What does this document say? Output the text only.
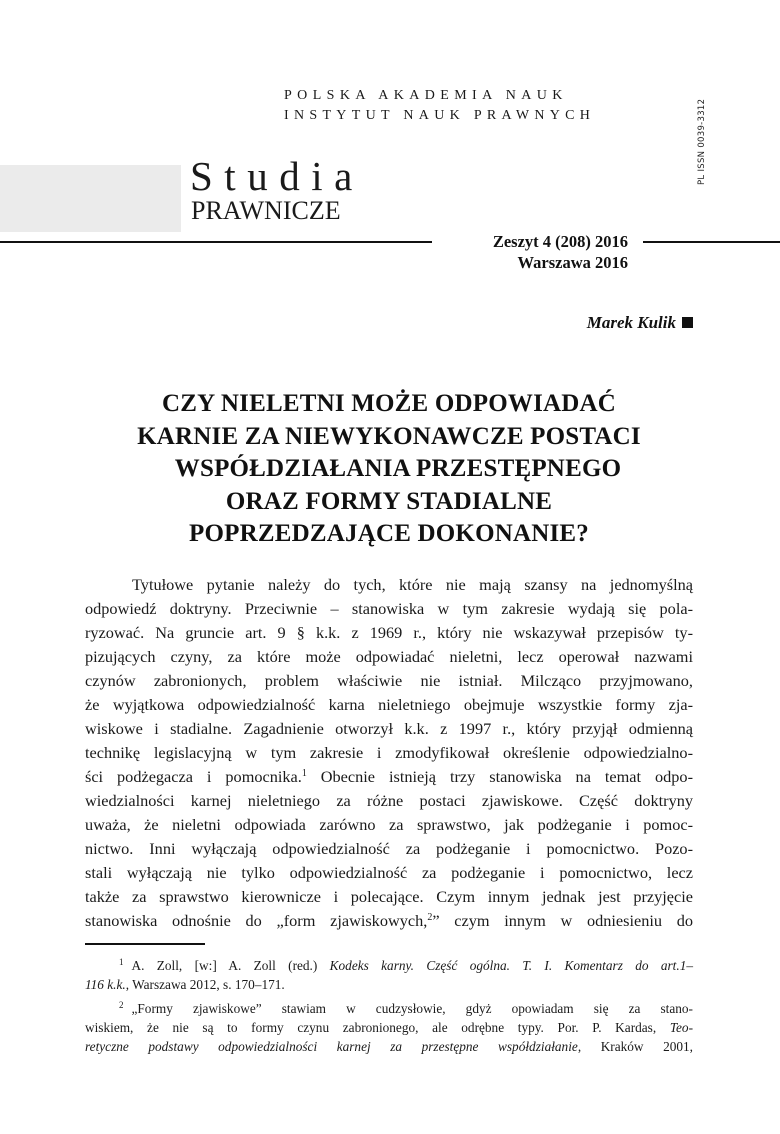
POLSKA AKADEMIA NAUK
INSTYTUT NAUK PRAWNYCH	PL ISSN 0039-3312
Studia
PRAWNICZE
Zeszyt 4 (208) 2016
Warszawa 2016
Marek Kulik
CZY NIELETNI MOŻE ODPOWIADAĆ
KARNIE ZA NIEWYKONAWCZE POSTACI
WSPÓŁDZIAŁANIA PRZESTĘPNEGO
ORAZ FORMY STADIALNE
POPRZEDZAJĄCE DOKONANIE?
Tytułowe pytanie należy do tych, które nie mają szansy na jednomyślną
odpowiedź doktryny. Przeciwnie – stanowiska w tym zakresie wydają się pola-
ryzować. Na gruncie art. 9 § k.k. z 1969 r., który nie wskazywał przepisów ty-
pizujących czyny, za które może odpowiadać nieletni, lecz operował nazwami
czynów zabronionych, problem właściwie nie istniał. Milcząco przyjmowano,
że wyjątkowa odpowiedzialność karna nieletniego obejmuje wszystkie formy zja-
wiskowe i stadialne. Zagadnienie otworzył k.k. z 1997 r., który przyjął odmienną
technikę legislacyjną w tym zakresie i zmodyfikował określenie odpowiedzialno-
ści podżegacza i pomocnika.$^1$ Obecnie istnieją trzy stanowiska na temat odpo-
wiedzialności karnej nieletniego za różne postaci zjawiskowe. Część doktryny
uważa, że nieletni odpowiada zarówno za sprawstwo, jak podżeganie i pomoc-
nictwo. Inni wyłączają odpowiedzialność za podżeganie i pomocnictwo. Pozo-
stali wyłączają nie tylko odpowiedzialność za podżeganie i pomocnictwo, lecz
także za sprawstwo kierownicze i polecające. Czym innym jednak jest przyjęcie
stanowiska odnośnie do „form zjawiskowych,$^2$” czym innym w odniesieniu do
$^1$ A. Zoll, [w:] A. Zoll (red.) Kodeks karny. Część ogólna. T. I. Komentarz do art.1–
116 k.k., Warszawa 2012, s. 170–171.
$^2$ „Formy zjawiskowe” stawiam w cudzysłowie, gdyż opowiadam się za stano-
wiskiem, że nie są to formy czynu zabronionego, ale odrębne typy. Por. P. Kardas, Teo-
retyczne podstawy odpowiedzialności karnej za przestępne współdziałanie, Kraków 2001,
